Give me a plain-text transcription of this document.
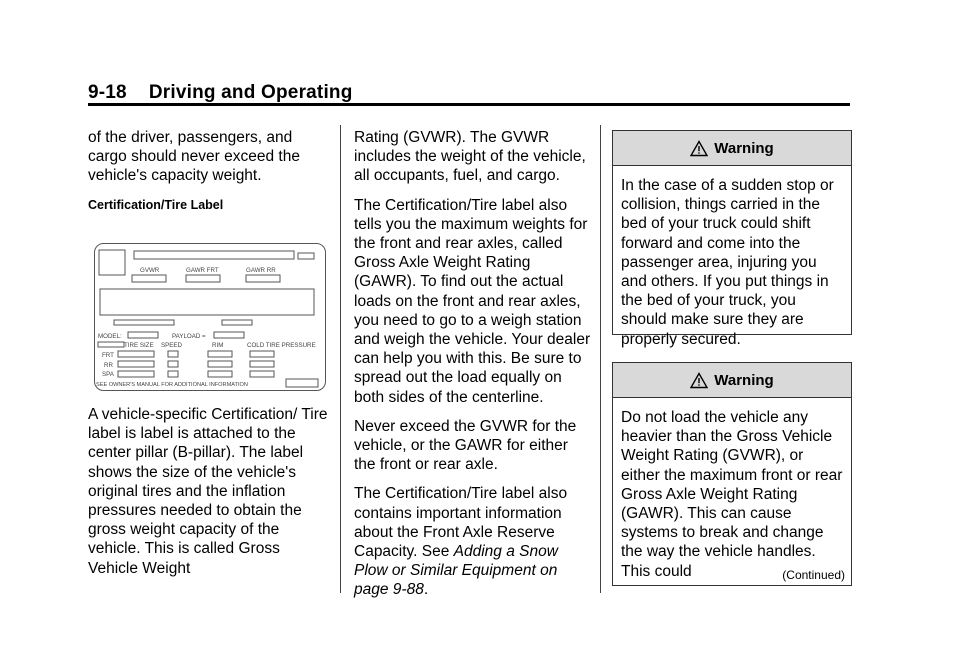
9-18 Driving and Operating

of the driver, passengers, and cargo should never exceed the vehicle's capacity weight.

Certification/Tire Label

GVWR	GAWR FRT	GAWR RR
MODEL:	PAYLOAD =
TIRE SIZE SPEED	RIM	COLD TIRE PRESSURE
FRT
RR
SPA
SEE OWNER'S MANUAL FOR ADDITIONAL INFORMATION

A vehicle-specific Certification/ Tire label is label is attached to the center pillar (B-pillar). The label shows the size of the vehicle's original tires and the inflation pressures needed to obtain the gross weight capacity of the vehicle. This is called Gross Vehicle Weight

Rating (GVWR). The GVWR includes the weight of the vehicle, all occupants, fuel, and cargo.

The Certification/Tire label also tells you the maximum weights for the front and rear axles, called Gross Axle Weight Rating (GAWR). To find out the actual loads on the front and rear axles, you need to go to a weigh station and weigh the vehicle. Your dealer can help you with this. Be sure to spread out the load equally on both sides of the centerline.

Never exceed the GVWR for the vehicle, or the GAWR for either the front or rear axle.

The Certification/Tire label also contains important information about the Front Axle Reserve Capacity. See Adding a Snow Plow or Similar Equipment on page 9-88.

Warning
In the case of a sudden stop or collision, things carried in the bed of your truck could shift forward and come into the passenger area, injuring you and others. If you put things in the bed of your truck, you should make sure they are properly secured.
Warning
Do not load the vehicle any heavier than the Gross Vehicle Weight Rating (GVWR), or either the maximum front or rear Gross Axle Weight Rating (GAWR). This can cause systems to break and change the way the vehicle handles. This could	(Continued)
